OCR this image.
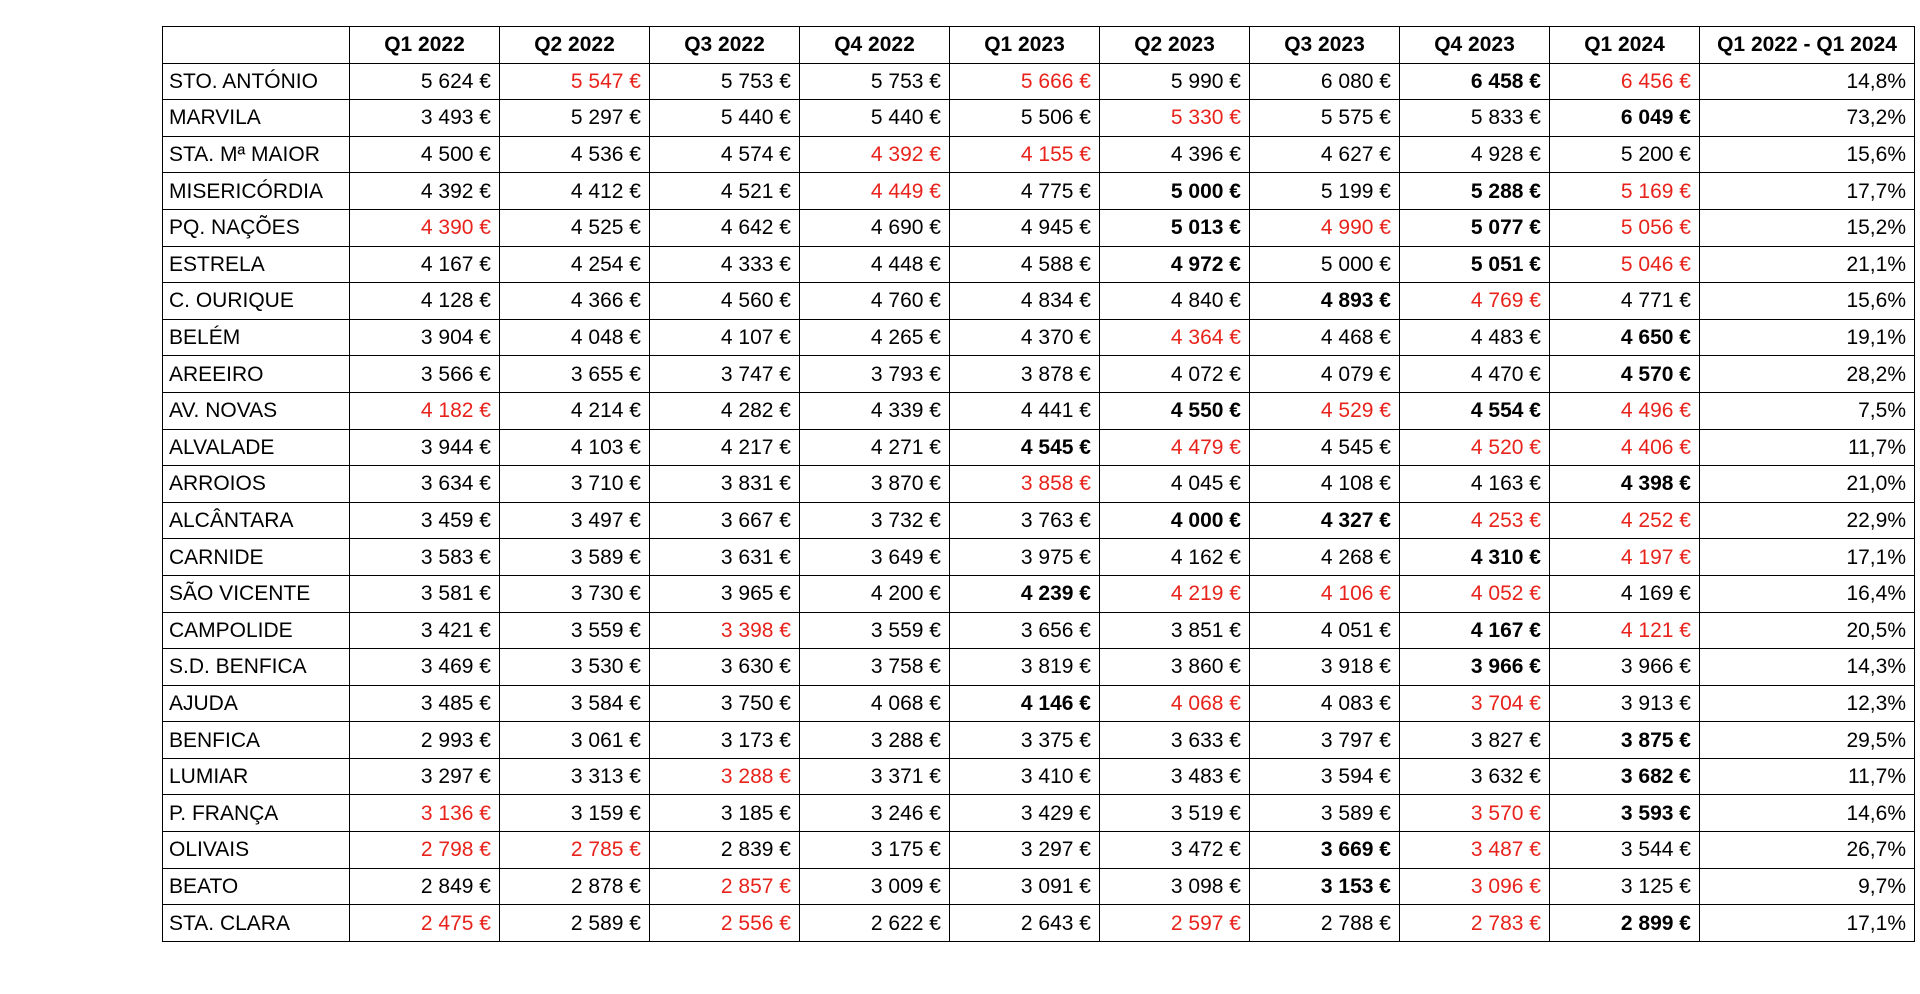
	Q1 2022	Q2 2022	Q3 2022	Q4 2022	Q1 2023	Q2 2023	Q3 2023	Q4 2023	Q1 2024	Q1 2022 - Q1 2024
STO. ANTÓNIO	5 624 €	5 547 €	5 753 €	5 753 €	5 666 €	5 990 €	6 080 €	6 458 €	6 456 €	14,8%
MARVILA	3 493 €	5 297 €	5 440 €	5 440 €	5 506 €	5 330 €	5 575 €	5 833 €	6 049 €	73,2%
STA. Mª MAIOR	4 500 €	4 536 €	4 574 €	4 392 €	4 155 €	4 396 €	4 627 €	4 928 €	5 200 €	15,6%
MISERICÓRDIA	4 392 €	4 412 €	4 521 €	4 449 €	4 775 €	5 000 €	5 199 €	5 288 €	5 169 €	17,7%
PQ. NAÇÕES	4 390 €	4 525 €	4 642 €	4 690 €	4 945 €	5 013 €	4 990 €	5 077 €	5 056 €	15,2%
ESTRELA	4 167 €	4 254 €	4 333 €	4 448 €	4 588 €	4 972 €	5 000 €	5 051 €	5 046 €	21,1%
C. OURIQUE	4 128 €	4 366 €	4 560 €	4 760 €	4 834 €	4 840 €	4 893 €	4 769 €	4 771 €	15,6%
BELÉM	3 904 €	4 048 €	4 107 €	4 265 €	4 370 €	4 364 €	4 468 €	4 483 €	4 650 €	19,1%
AREEIRO	3 566 €	3 655 €	3 747 €	3 793 €	3 878 €	4 072 €	4 079 €	4 470 €	4 570 €	28,2%
AV. NOVAS	4 182 €	4 214 €	4 282 €	4 339 €	4 441 €	4 550 €	4 529 €	4 554 €	4 496 €	7,5%
ALVALADE	3 944 €	4 103 €	4 217 €	4 271 €	4 545 €	4 479 €	4 545 €	4 520 €	4 406 €	11,7%
ARROIOS	3 634 €	3 710 €	3 831 €	3 870 €	3 858 €	4 045 €	4 108 €	4 163 €	4 398 €	21,0%
ALCÂNTARA	3 459 €	3 497 €	3 667 €	3 732 €	3 763 €	4 000 €	4 327 €	4 253 €	4 252 €	22,9%
CARNIDE	3 583 €	3 589 €	3 631 €	3 649 €	3 975 €	4 162 €	4 268 €	4 310 €	4 197 €	17,1%
SÃO VICENTE	3 581 €	3 730 €	3 965 €	4 200 €	4 239 €	4 219 €	4 106 €	4 052 €	4 169 €	16,4%
CAMPOLIDE	3 421 €	3 559 €	3 398 €	3 559 €	3 656 €	3 851 €	4 051 €	4 167 €	4 121 €	20,5%
S.D. BENFICA	3 469 €	3 530 €	3 630 €	3 758 €	3 819 €	3 860 €	3 918 €	3 966 €	3 966 €	14,3%
AJUDA	3 485 €	3 584 €	3 750 €	4 068 €	4 146 €	4 068 €	4 083 €	3 704 €	3 913 €	12,3%
BENFICA	2 993 €	3 061 €	3 173 €	3 288 €	3 375 €	3 633 €	3 797 €	3 827 €	3 875 €	29,5%
LUMIAR	3 297 €	3 313 €	3 288 €	3 371 €	3 410 €	3 483 €	3 594 €	3 632 €	3 682 €	11,7%
P. FRANÇA	3 136 €	3 159 €	3 185 €	3 246 €	3 429 €	3 519 €	3 589 €	3 570 €	3 593 €	14,6%
OLIVAIS	2 798 €	2 785 €	2 839 €	3 175 €	3 297 €	3 472 €	3 669 €	3 487 €	3 544 €	26,7%
BEATO	2 849 €	2 878 €	2 857 €	3 009 €	3 091 €	3 098 €	3 153 €	3 096 €	3 125 €	9,7%
STA. CLARA	2 475 €	2 589 €	2 556 €	2 622 €	2 643 €	2 597 €	2 788 €	2 783 €	2 899 €	17,1%
